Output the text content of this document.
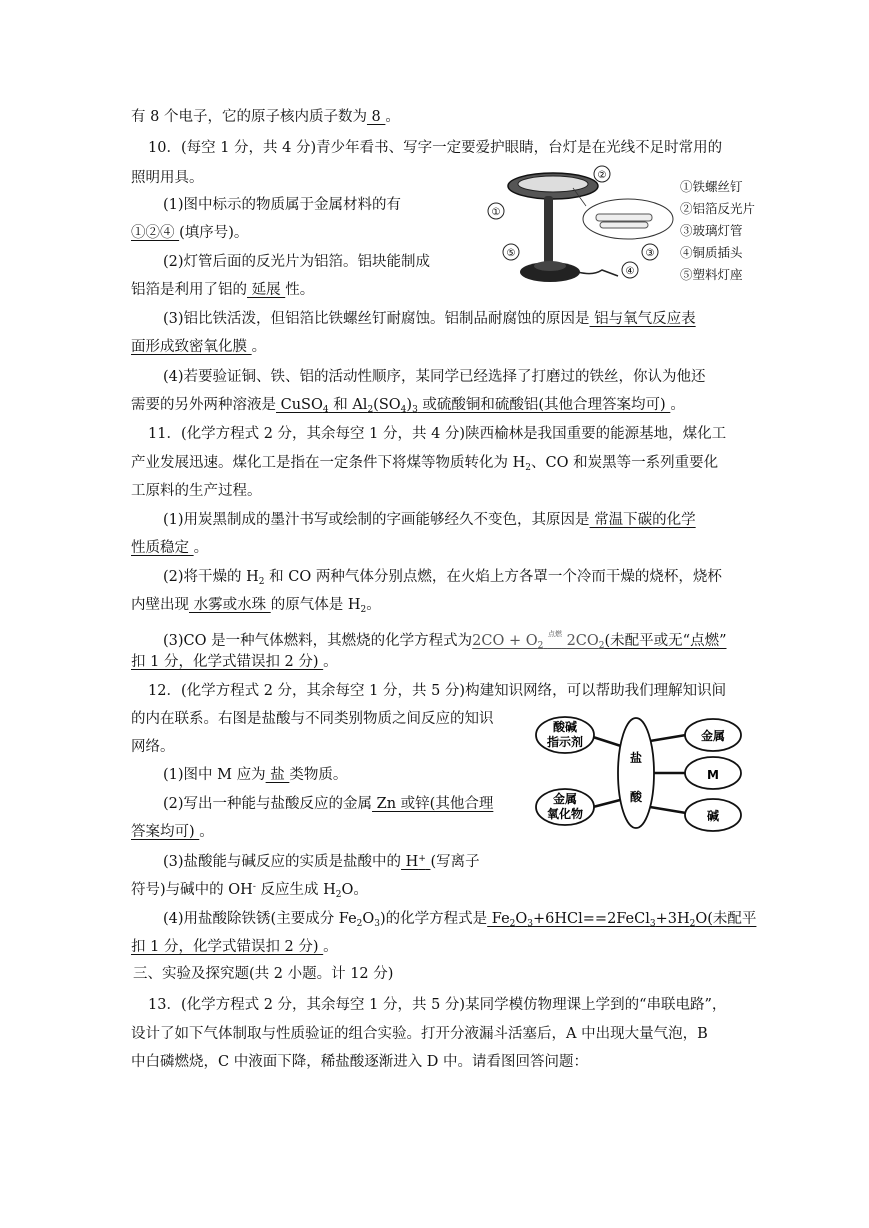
有 8 个电子，它的原子核内质子数为 8 。
10．(每空 1 分，共 4 分)青少年看书、写字一定要爱护眼睛，台灯是在光线不足时常用的
照明用具。
(1)图中标示的物质属于金属材料的有
①②④ (填序号)。
(2)灯管后面的反光片为铝箔。铝块能制成
铝箔是利用了铝的 延展 性。
(3)铝比铁活泼，但铝箔比铁螺丝钉耐腐蚀。铝制品耐腐蚀的原因是 铝与氧气反应表
面形成致密氧化膜 。
(4)若要验证铜、铁、铝的活动性顺序，某同学已经选择了打磨过的铁丝，你认为他还
需要的另外两种溶液是 CuSO$_4$ 和 $Al_2(SO_4)_3$ 或硫酸铜和硫酸铝(其他合理答案均可) 。
②
①
⑤	③
④
①铁螺丝钉
②铝箔反光片
③玻璃灯管
④铜质插头
⑤塑料灯座
11．(化学方程式 2 分，其余每空 1 分，共 4 分)陕西榆林是我国重要的能源基地，煤化工
产业发展迅速。煤化工是指在一定条件下将煤等物质转化为 $H_2$、CO 和炭黑等一系列重要化
工原料的生产过程。
(1)用炭黑制成的墨汁书写或绘制的字画能够经久不变色，其原因是 常温下碳的化学
性质稳定 。
(2)将干燥的 $H_2$ 和 CO 两种气体分别点燃，在火焰上方各罩一个冷而干燥的烧杯，烧杯
内壁出现 水雾或水珠 的原气体是 $H_2$。
(3)CO 是一种气体燃料，其燃烧的化学方程式为$2CO + O_2$ $^{点燃}$ $2CO_2$(未配平或无“点燃”
扣 1 分，化学式错误扣 2 分) 。
12．(化学方程式 2 分，其余每空 1 分，共 5 分)构建知识网络，可以帮助我们理解知识间
的内在联系。右图是盐酸与不同类别物质之间反应的知识
网络。
(1)图中 M 应为 盐 类物质。
(2)写出一种能与盐酸反应的金属 Zn 或锌(其他合理
答案均可) 。
(3)盐酸能与碱反应的实质是盐酸中的 H+ (写离子
符号)与碱中的 OH- 反应生成 $H_2O$。
(4)用盐酸除铁锈(主要成分 $Fe_2O_3$)的化学方程式是 $Fe_2O_3+6HCl==2FeCl_3+3H_2O$(未配平
扣 1 分，化学式错误扣 2 分) 。
酸碱
指示剂
金属
氧化物
盐
酸
金属
M
碱
三、实验及探究题(共 2 小题。计 12 分)
13．(化学方程式 2 分，其余每空 1 分，共 5 分)某同学模仿物理课上学到的“串联电路”，
设计了如下气体制取与性质验证的组合实验。打开分液漏斗活塞后，A 中出现大量气泡，B
中白磷燃烧，C 中液面下降，稀盐酸逐渐进入 D 中。请看图回答问题：
